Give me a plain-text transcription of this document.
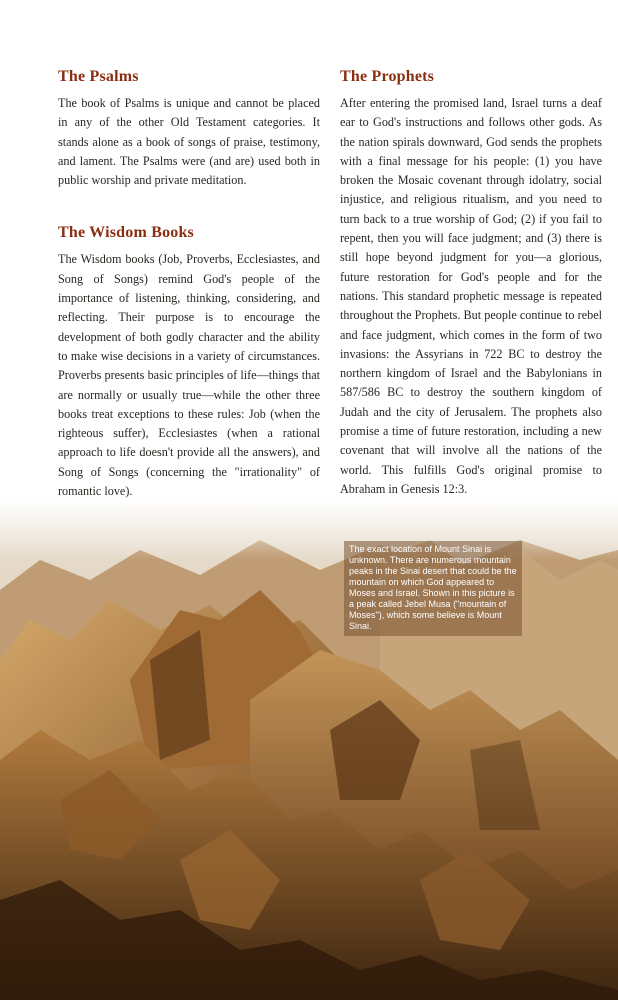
The Psalms

The book of Psalms is unique and cannot be placed in any of the other Old Testament categories. It stands alone as a book of songs of praise, testimony, and lament. The Psalms were (and are) used both in public worship and private meditation.

The Wisdom Books

The Wisdom books (Job, Proverbs, Ecclesiastes, and Song of Songs) remind God's people of the importance of listening, thinking, considering, and reflecting. Their purpose is to encourage the development of both godly character and the ability to make wise decisions in a variety of circumstances. Proverbs presents basic principles of life—things that are normally or usually true—while the other three books treat exceptions to these rules: Job (when the righteous suffer), Ecclesiastes (when a rational approach to life doesn't provide all the answers), and Song of Songs (concerning the "irrationality" of romantic love).

The Prophets

After entering the promised land, Israel turns a deaf ear to God's instructions and follows other gods. As the nation spirals downward, God sends the prophets with a final message for his people: (1) you have broken the Mosaic covenant through idolatry, social injustice, and religious ritualism, and you need to turn back to a true worship of God; (2) if you fail to repent, then you will face judgment; and (3) there is still hope beyond judgment for you—a glorious, future restoration for God's people and for the nations. This standard prophetic message is repeated throughout the Prophets. But people continue to rebel and face judgment, which comes in the form of two invasions: the Assyrians in 722 BC to destroy the northern kingdom of Israel and the Babylonians in 587/586 BC to destroy the southern kingdom of Judah and the city of Jerusalem. The prophets also promise a time of future restoration, including a new covenant that will involve all the nations of the world. This fulfills God's original promise to Abraham in Genesis 12:3.

The exact location of Mount Sinai is unknown. There are numerous mountain peaks in the Sinai desert that could be the mountain on which God appeared to Moses and Israel. Shown in this picture is a peak called Jebel Musa ("mountain of Moses"), which some believe is Mount Sinai.
